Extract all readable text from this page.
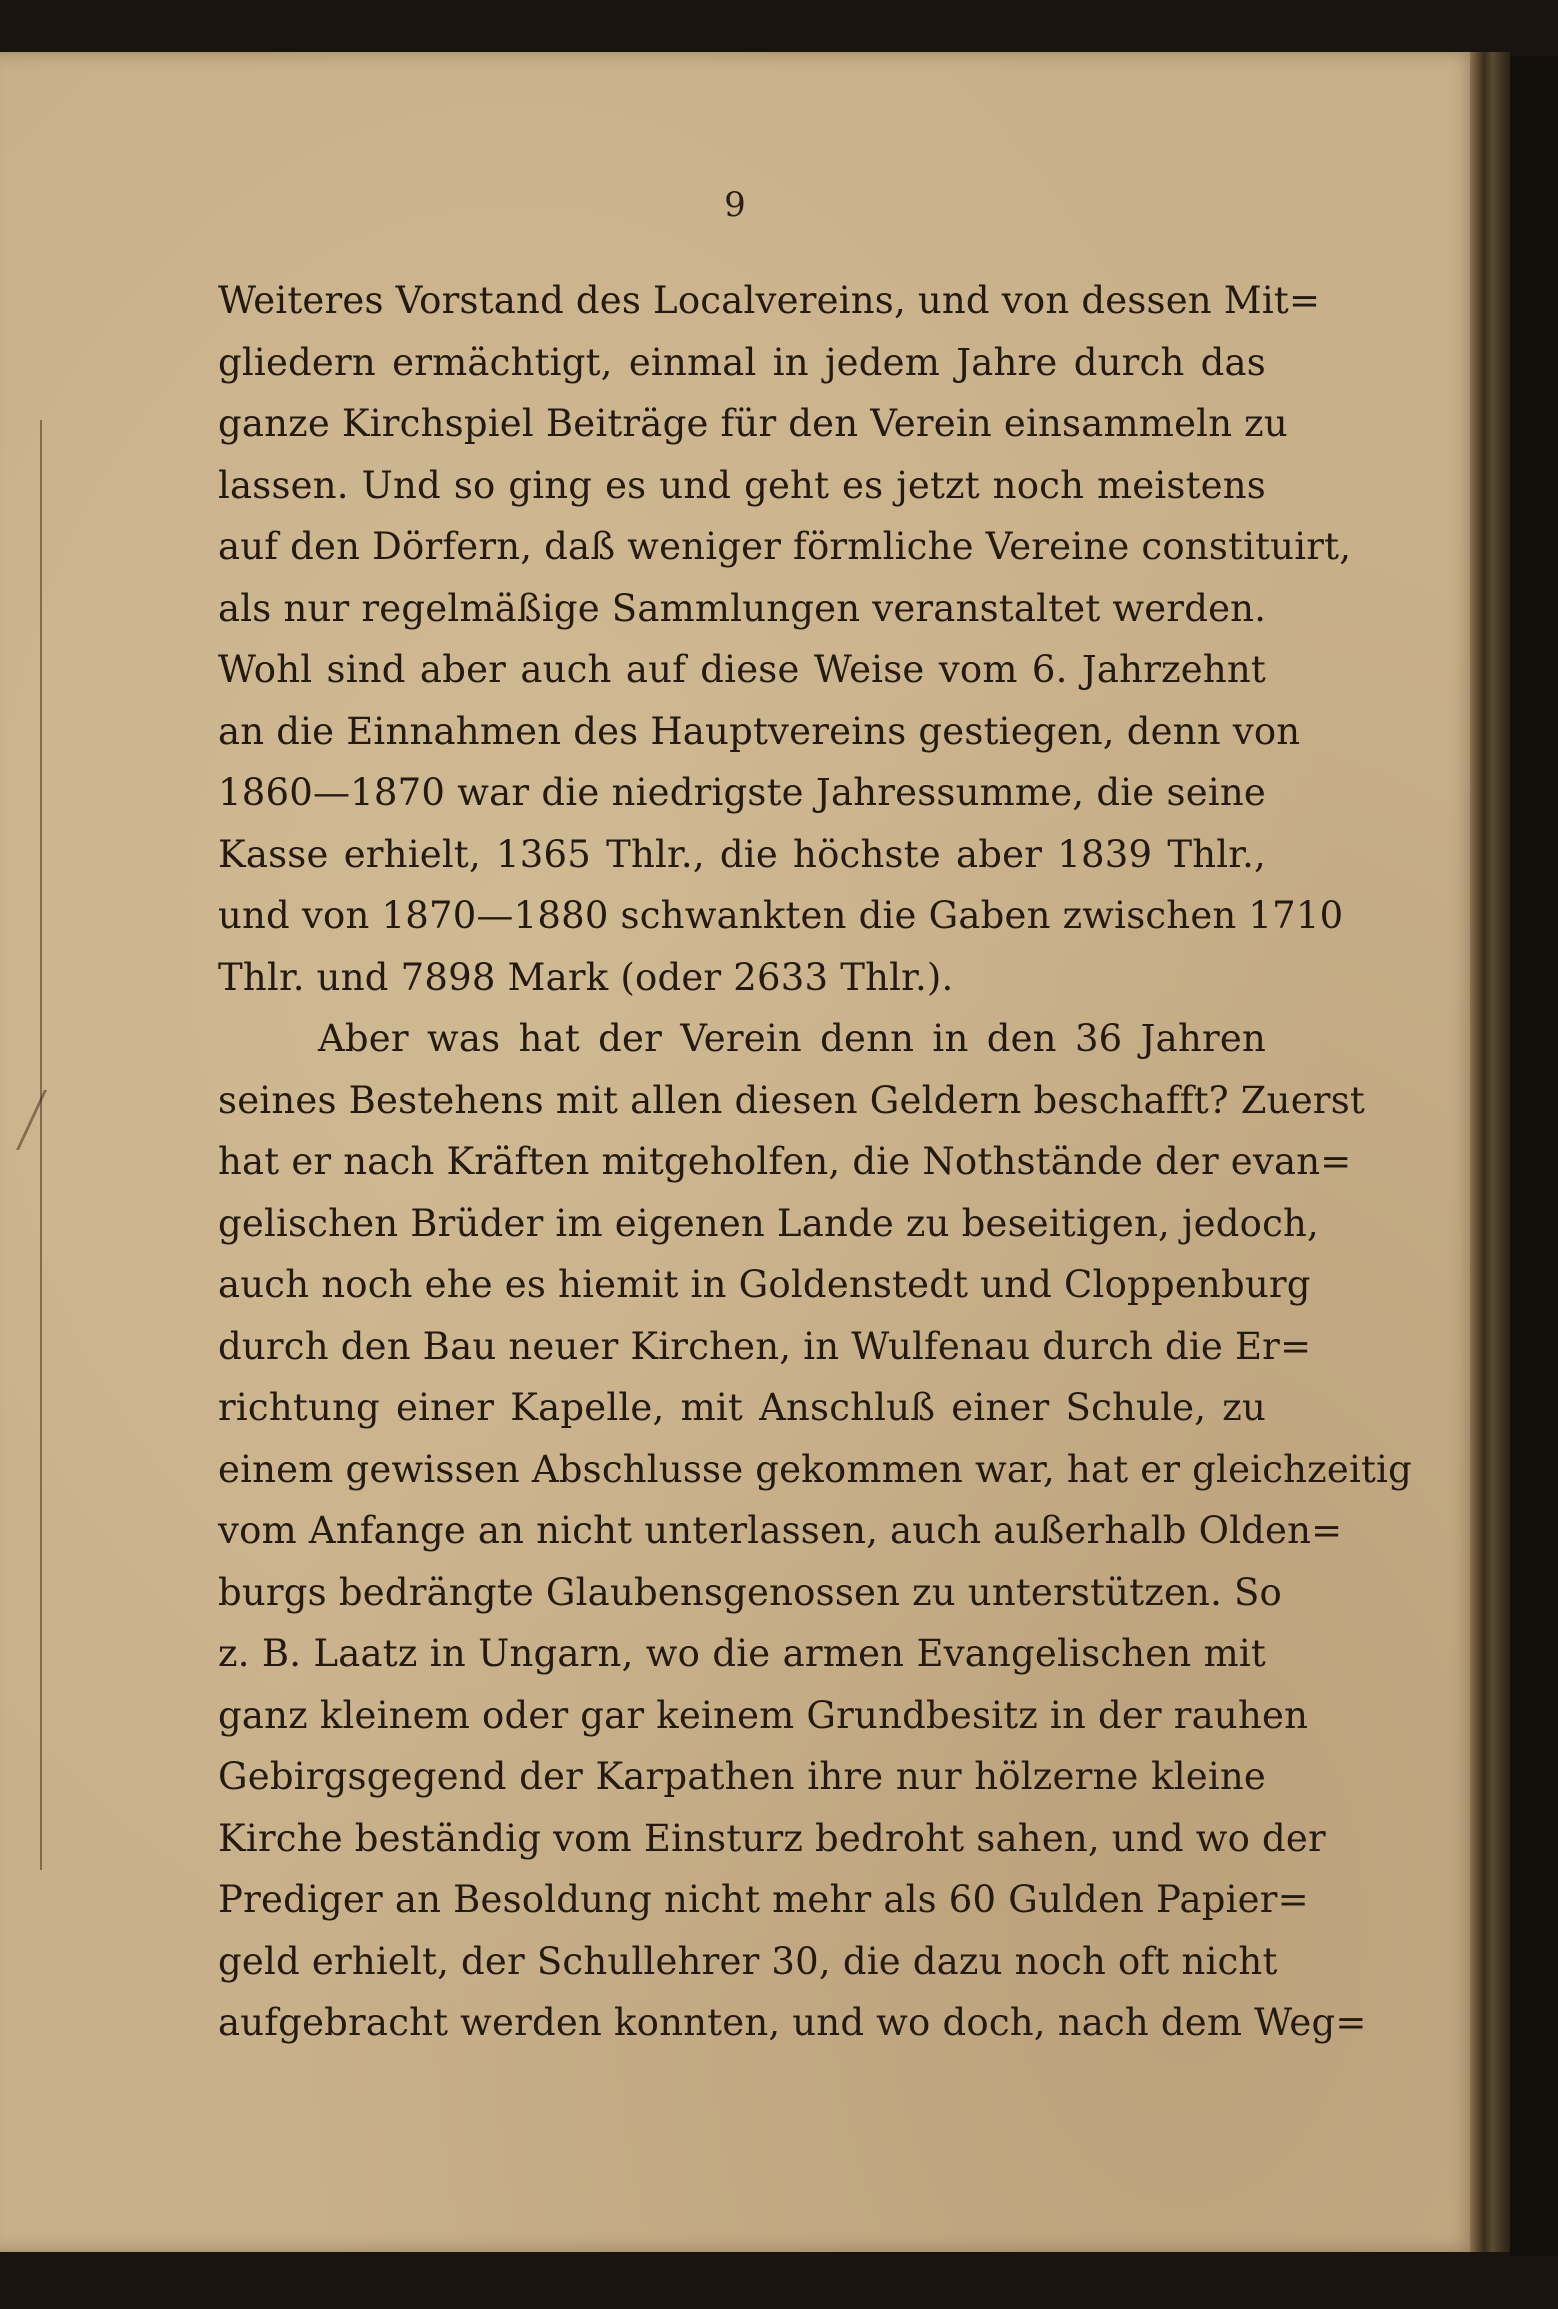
9
Weiteres Vorstand des Localvereins, und von dessen Mit=
gliedern ermächtigt, einmal in jedem Jahre durch das
ganze Kirchspiel Beiträge für den Verein einsammeln zu
lassen. Und so ging es und geht es jetzt noch meistens
auf den Dörfern, daß weniger förmliche Vereine constituirt,
als nur regelmäßige Sammlungen veranstaltet werden.
Wohl sind aber auch auf diese Weise vom 6. Jahrzehnt
an die Einnahmen des Hauptvereins gestiegen, denn von
1860—1870 war die niedrigste Jahressumme, die seine
Kasse erhielt, 1365 Thlr., die höchste aber 1839 Thlr.,
und von 1870—1880 schwankten die Gaben zwischen 1710
Thlr. und 7898 Mark (oder 2633 Thlr.).
Aber was hat der Verein denn in den 36 Jahren
seines Bestehens mit allen diesen Geldern beschafft? Zuerst
hat er nach Kräften mitgeholfen, die Nothstände der evan=
gelischen Brüder im eigenen Lande zu beseitigen, jedoch,
auch noch ehe es hiemit in Goldenstedt und Cloppenburg
durch den Bau neuer Kirchen, in Wulfenau durch die Er=
richtung einer Kapelle, mit Anschluß einer Schule, zu
einem gewissen Abschlusse gekommen war, hat er gleichzeitig
vom Anfange an nicht unterlassen, auch außerhalb Olden=
burgs bedrängte Glaubensgenossen zu unterstützen. So
z. B. Laatz in Ungarn, wo die armen Evangelischen mit
ganz kleinem oder gar keinem Grundbesitz in der rauhen
Gebirgsgegend der Karpathen ihre nur hölzerne kleine
Kirche beständig vom Einsturz bedroht sahen, und wo der
Prediger an Besoldung nicht mehr als 60 Gulden Papier=
geld erhielt, der Schullehrer 30, die dazu noch oft nicht
aufgebracht werden konnten, und wo doch, nach dem Weg=
